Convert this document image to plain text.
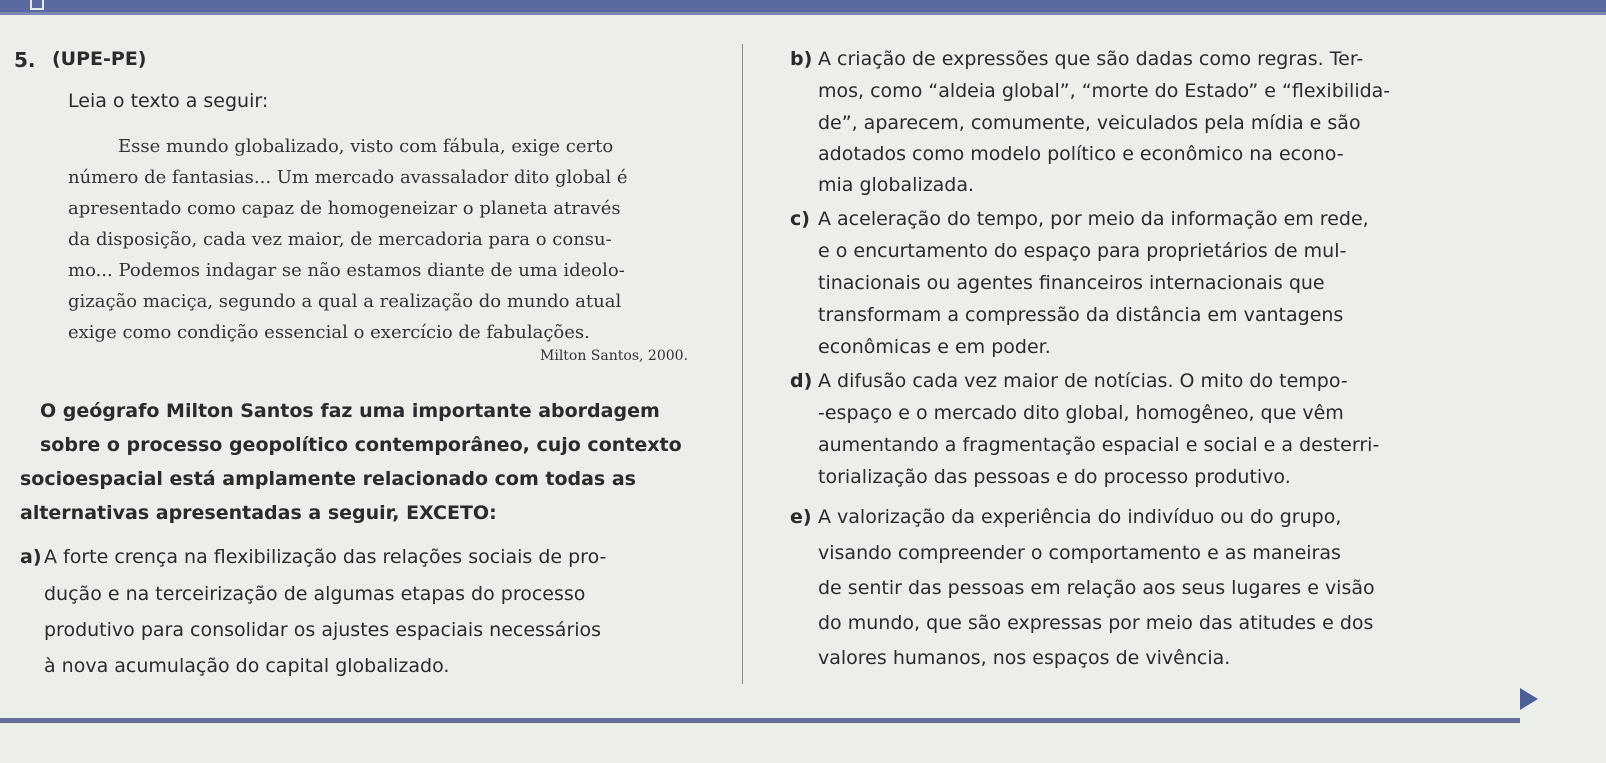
5. (UPE-PE)
Leia o texto a seguir:
Esse mundo globalizado, visto com fábula, exige certo
número de fantasias... Um mercado avassalador dito global é
apresentado como capaz de homogeneizar o planeta através
da disposição, cada vez maior, de mercadoria para o consu-
mo... Podemos indagar se não estamos diante de uma ideolo-
gização maciça, segundo a qual a realização do mundo atual
exige como condição essencial o exercício de fabulações.
Milton Santos, 2000.
O geógrafo Milton Santos faz uma importante abordagem
sobre o processo geopolítico contemporâneo, cujo contexto
socioespacial está amplamente relacionado com todas as
alternativas apresentadas a seguir, EXCETO:
a) A forte crença na flexibilização das relações sociais de pro-
dução e na terceirização de algumas etapas do processo
produtivo para consolidar os ajustes espaciais necessários
à nova acumulação do capital globalizado.
b) A criação de expressões que são dadas como regras. Ter-
mos, como “aldeia global”, “morte do Estado” e “flexibilida-
de”, aparecem, comumente, veiculados pela mídia e são
adotados como modelo político e econômico na econo-
mia globalizada.
c) A aceleração do tempo, por meio da informação em rede,
e o encurtamento do espaço para proprietários de mul-
tinacionais ou agentes financeiros internacionais que
transformam a compressão da distância em vantagens
econômicas e em poder.
d) A difusão cada vez maior de notícias. O mito do tempo-
-espaço e o mercado dito global, homogêneo, que vêm
aumentando a fragmentação espacial e social e a desterri-
torialização das pessoas e do processo produtivo.
e) A valorização da experiência do indivíduo ou do grupo,
visando compreender o comportamento e as maneiras
de sentir das pessoas em relação aos seus lugares e visão
do mundo, que são expressas por meio das atitudes e dos
valores humanos, nos espaços de vivência.
